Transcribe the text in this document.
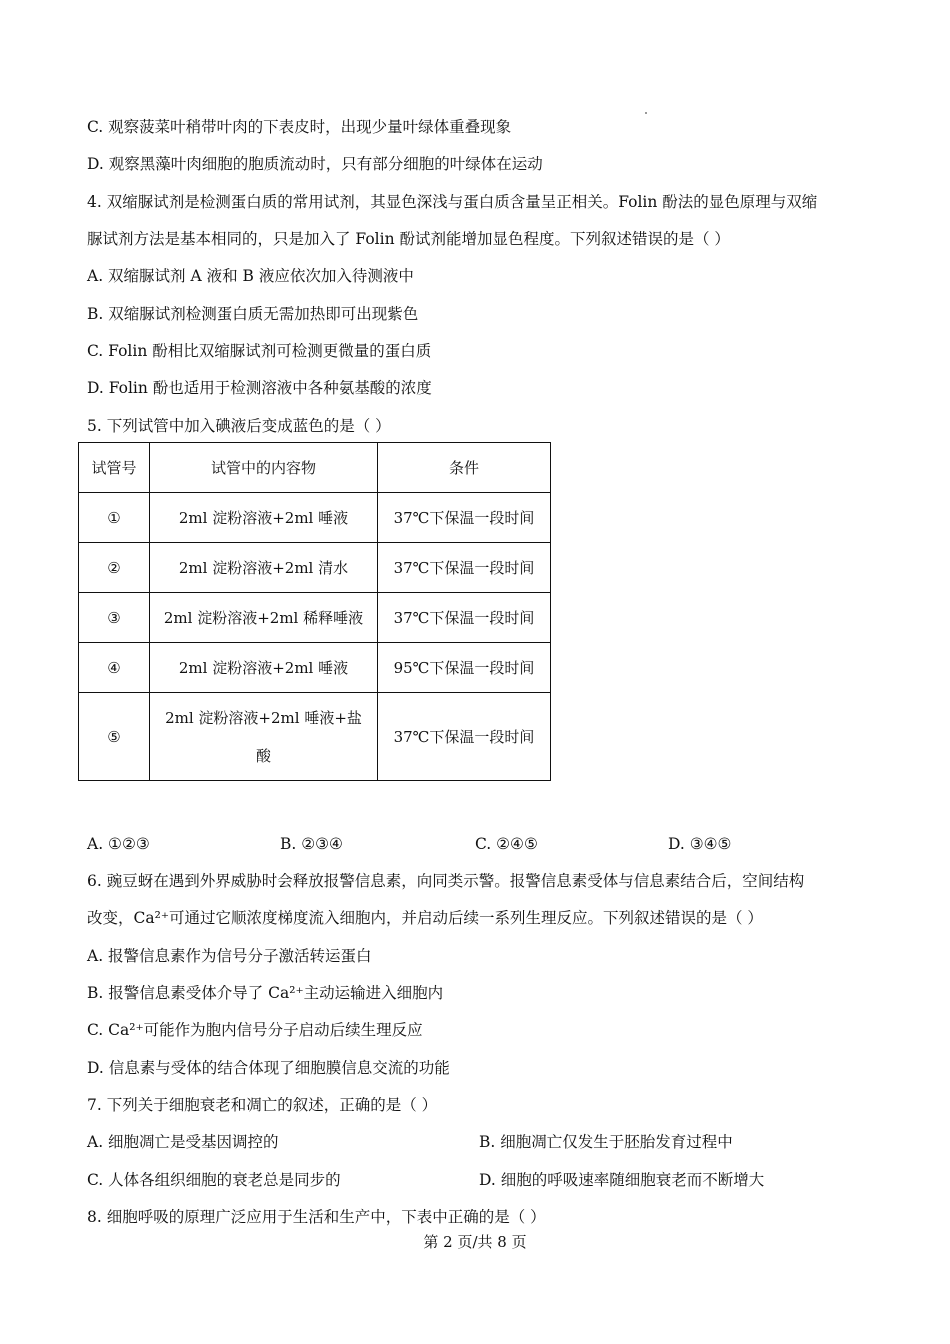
C. 观察菠菜叶稍带叶肉的下表皮时，出现少量叶绿体重叠现象
D. 观察黑藻叶肉细胞的胞质流动时，只有部分细胞的叶绿体在运动
4. 双缩脲试剂是检测蛋白质的常用试剂，其显色深浅与蛋白质含量呈正相关。Folin 酚法的显色原理与双缩
脲试剂方法是基本相同的，只是加入了 Folin 酚试剂能增加显色程度。下列叙述错误的是（ ）
A. 双缩脲试剂 A 液和 B 液应依次加入待测液中
B. 双缩脲试剂检测蛋白质无需加热即可出现紫色
C. Folin 酚相比双缩脲试剂可检测更微量的蛋白质
D. Folin 酚也适用于检测溶液中各种氨基酸的浓度
5. 下列试管中加入碘液后变成蓝色的是（ ）
试管号	试管中的内容物	条件
①	2ml 淀粉溶液+2ml 唾液	37℃下保温一段时间
②	2ml 淀粉溶液+2ml 清水	37℃下保温一段时间
③	2ml 淀粉溶液+2ml 稀释唾液	37℃下保温一段时间
④	2ml 淀粉溶液+2ml 唾液	95℃下保温一段时间
⑤	2ml 淀粉溶液+2ml 唾液+盐
酸	37℃下保温一段时间
A. ①②③	B. ②③④	C. ②④⑤	D. ③④⑤
6. 豌豆蚜在遇到外界威胁时会释放报警信息素，向同类示警。报警信息素受体与信息素结合后，空间结构
改变，Ca²⁺可通过它顺浓度梯度流入细胞内，并启动后续一系列生理反应。下列叙述错误的是（ ）
A. 报警信息素作为信号分子激活转运蛋白
B. 报警信息素受体介导了 Ca²⁺主动运输进入细胞内
C. Ca²⁺可能作为胞内信号分子启动后续生理反应
D. 信息素与受体的结合体现了细胞膜信息交流的功能
7. 下列关于细胞衰老和凋亡的叙述，正确的是（ ）
A. 细胞凋亡是受基因调控的	B. 细胞凋亡仅发生于胚胎发育过程中
C. 人体各组织细胞的衰老总是同步的	D. 细胞的呼吸速率随细胞衰老而不断增大
8. 细胞呼吸的原理广泛应用于生活和生产中，下表中正确的是（ ）
第 2 页/共 8 页
